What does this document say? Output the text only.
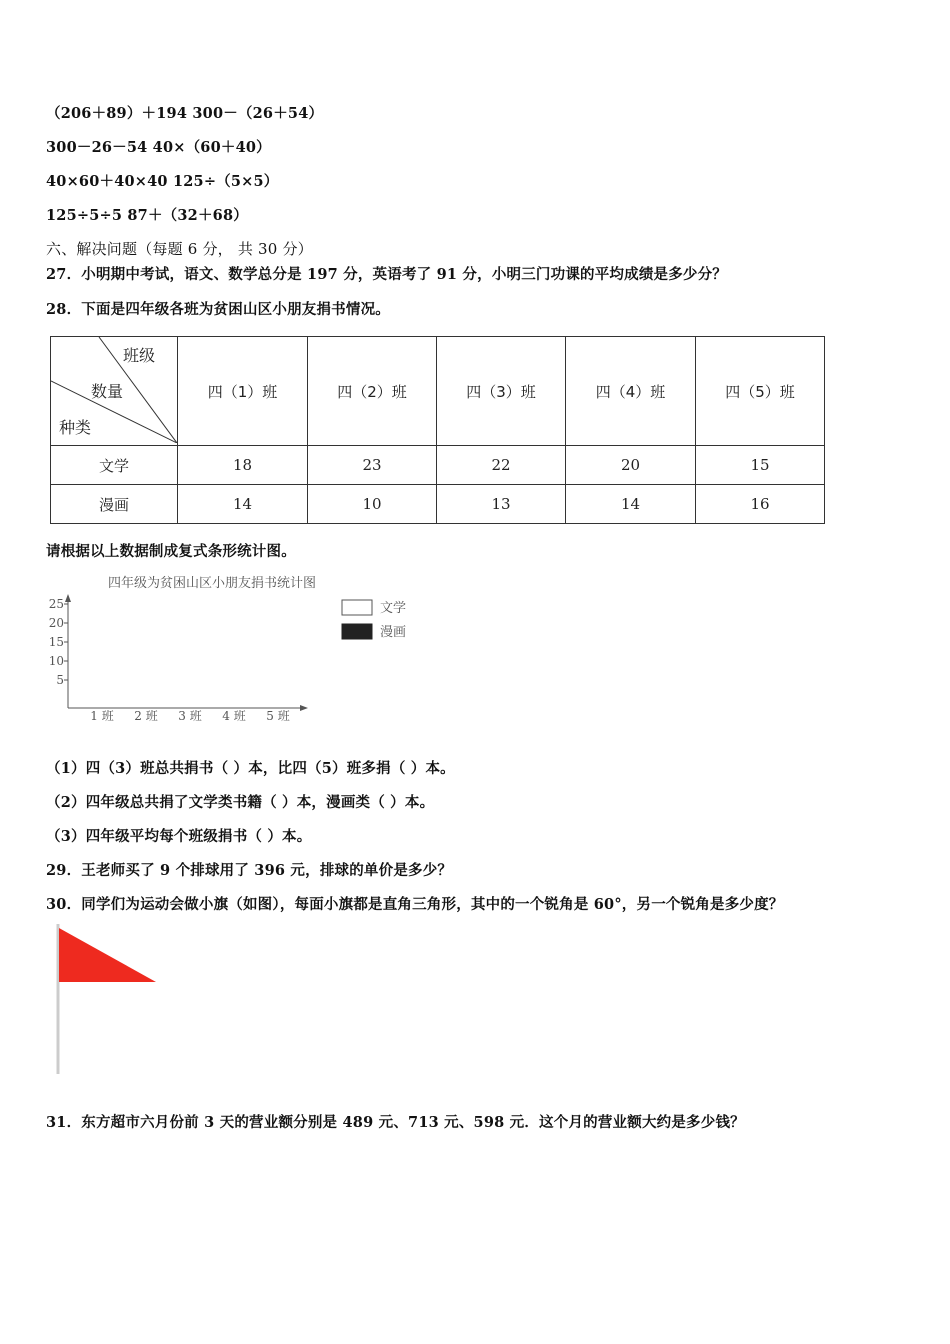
（206＋89）＋194 300－（26＋54）
300－26－54 40×（60＋40）
40×60＋40×40 125÷（5×5）
125÷5÷5 87＋（32＋68）
六、解决问题（每题 6 分， 共 30 分）
27．小明期中考试，语文、数学总分是 197 分，英语考了 91 分，小明三门功课的平均成绩是多少分？
28．下面是四年级各班为贫困山区小朋友捐书情况。
班级
数量
种类	四（1）班	四（2）班	四（3）班	四（4）班	四（5）班
文学	18	23	22	20	15
漫画	14	10	13	14	16
请根据以上数据制成复式条形统计图。
四年级为贫困山区小朋友捐书统计图
5
10
15
20
25
1 班 2 班 3 班 4 班 5 班
文学
漫画
（1）四（3）班总共捐书（ ）本，比四（5）班多捐（ ）本。
（2）四年级总共捐了文学类书籍（ ）本，漫画类（ ）本。
（3）四年级平均每个班级捐书（ ）本。
29．王老师买了 9 个排球用了 396 元，排球的单价是多少？
30．同学们为运动会做小旗（如图），每面小旗都是直角三角形，其中的一个锐角是 60°，另一个锐角是多少度？
31．东方超市六月份前 3 天的营业额分别是 489 元、713 元、598 元．这个月的营业额大约是多少钱？
